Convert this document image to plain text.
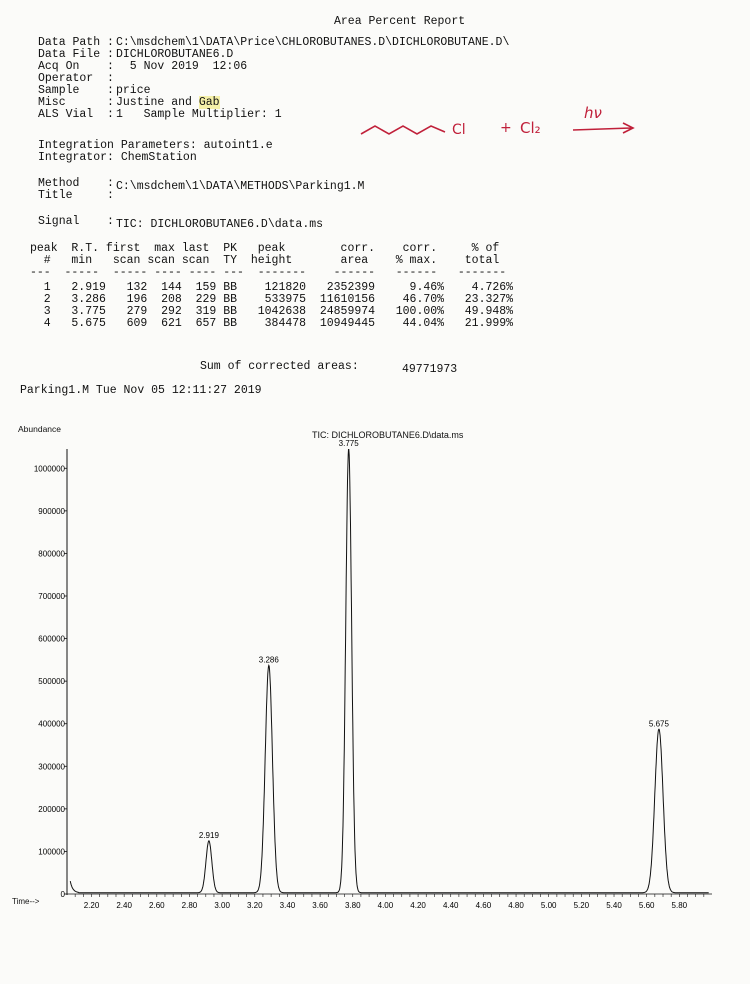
Area Percent Report
Data Path : C:\msdchem\1\DATA\Price\CHLOROBUTANES.D\DICHLOROBUTANE.D\
Data File : DICHLOROBUTANE6.D
Acq On    : 5 Nov 2019  12:06
Operator  :
Sample    : price
Misc      : Justine and Gab
ALS Vial  : 1   Sample Multiplier: 1
Cl + Cl₂
hν
Integration Parameters: autoint1.e
Integrator: ChemStation
Method    : C:\msdchem\1\DATA\METHODS\Parking1.M
Title     :
Signal    : TIC: DICHLOROBUTANE6.D\data.ms
peak  R.T. first  max last  PK   peak        corr.    corr.     % of
#   min   scan scan scan  TY  height       area    % max.    total
---  -----  ----- ---- ---- ---  -------    ------   ------   -------
1   2.919   132  144  159 BB    121820   2352399     9.46%    4.726%
2   3.286   196  208  229 BB    533975  11610156    46.70%   23.327%
3   3.775   279  292  319 BB   1042638  24859974   100.00%   49.948%
4   5.675   609  621  657 BB    384478  10949445    44.04%   21.999%
Sum of corrected areas:	49771973
Parking1.M Tue Nov 05 12:11:27 2019
Abundance
TIC: DICHLOROBUTANE6.D\data.ms
Time-->
0
100000
200000
300000
400000
500000
600000
700000
800000
900000
1000000
2.20 2.40 2.60 2.80 3.00 3.20 3.40 3.60 3.80 4.00 4.20 4.40 4.60 4.80 5.00 5.20 5.40 5.60 5.80
2.919
3.286
3.775
5.675
